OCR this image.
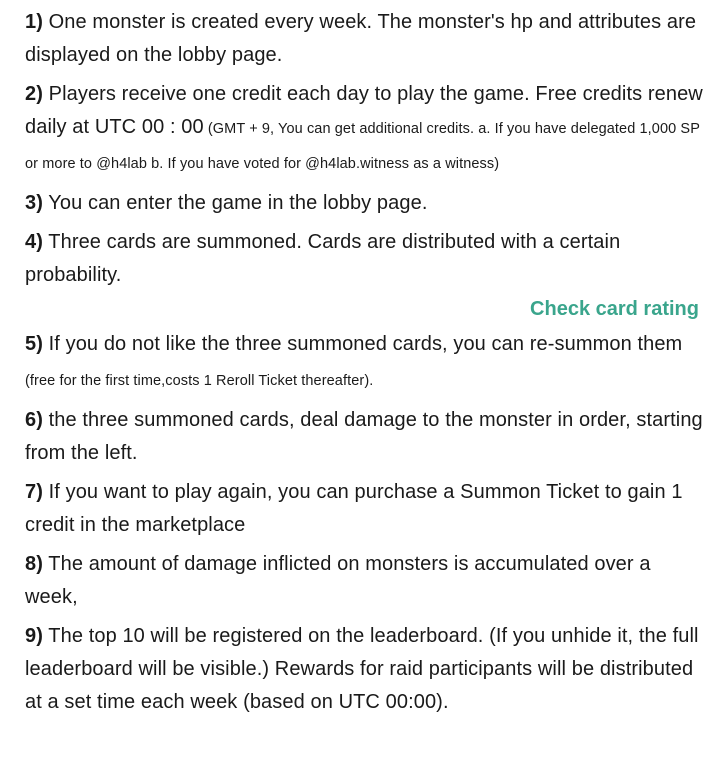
1) One monster is created every week. The monster's hp and attributes are displayed on the lobby page.

2) Players receive one credit each day to play the game. Free credits renew daily at UTC 00 : 00 (GMT + 9, You can get additional credits. a. If you have delegated 1,000 SP or more to @h4lab b. If you have voted for @h4lab.witness as a witness)

3) You can enter the game in the lobby page.

4) Three cards are summoned. Cards are distributed with a certain probability.

Check card rating

5) If you do not like the three summoned cards, you can re-summon them (free for the first time,costs 1 Reroll Ticket thereafter).

6) the three summoned cards, deal damage to the monster in order, starting from the left.

7) If you want to play again, you can purchase a Summon Ticket to gain 1 credit in the marketplace

8) The amount of damage inflicted on monsters is accumulated over a week,

9) The top 10 will be registered on the leaderboard. (If you unhide it, the full leaderboard will be visible.) Rewards for raid participants will be distributed at a set time each week (based on UTC 00:00).
